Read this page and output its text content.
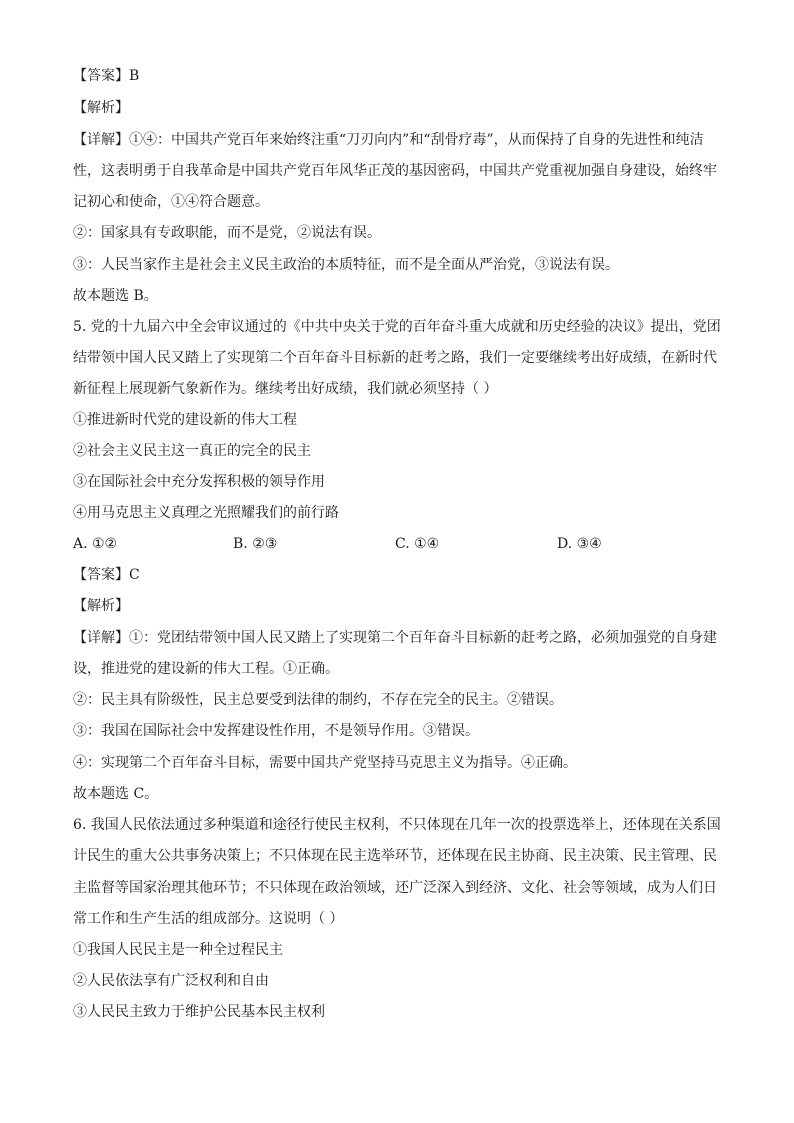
【答案】B
【解析】
【详解】①④：中国共产党百年来始终注重“刀刃向内”和“刮骨疗毒”，从而保持了自身的先进性和纯洁
性，这表明勇于自我革命是中国共产党百年风华正茂的基因密码，中国共产党重视加强自身建设，始终牢
记初心和使命，①④符合题意。
②：国家具有专政职能，而不是党，②说法有误。
③：人民当家作主是社会主义民主政治的本质特征，而不是全面从严治党，③说法有误。
故本题选 B。
5. 党的十九届六中全会审议通过的《中共中央关于党的百年奋斗重大成就和历史经验的决议》提出，党团
结带领中国人民又踏上了实现第二个百年奋斗目标新的赶考之路，我们一定要继续考出好成绩，在新时代
新征程上展现新气象新作为。继续考出好成绩，我们就必须坚持（ ）
①推进新时代党的建设新的伟大工程
②社会主义民主这一真正的完全的民主
③在国际社会中充分发挥积极的领导作用
④用马克思主义真理之光照耀我们的前行路
A. ①②	B. ②③	C. ①④	D. ③④
【答案】C
【解析】
【详解】①：党团结带领中国人民又踏上了实现第二个百年奋斗目标新的赶考之路，必须加强党的自身建
设，推进党的建设新的伟大工程。①正确。
②：民主具有阶级性，民主总要受到法律的制约，不存在完全的民主。②错误。
③：我国在国际社会中发挥建设性作用，不是领导作用。③错误。
④：实现第二个百年奋斗目标，需要中国共产党坚持马克思主义为指导。④正确。
故本题选 C。
6. 我国人民依法通过多种渠道和途径行使民主权利，不只体现在几年一次的投票选举上，还体现在关系国
计民生的重大公共事务决策上；不只体现在民主选举环节，还体现在民主协商、民主决策、民主管理、民
主监督等国家治理其他环节；不只体现在政治领域，还广泛深入到经济、文化、社会等领域，成为人们日
常工作和生产生活的组成部分。这说明（ ）
①我国人民民主是一种全过程民主
②人民依法享有广泛权利和自由
③人民民主致力于维护公民基本民主权利
